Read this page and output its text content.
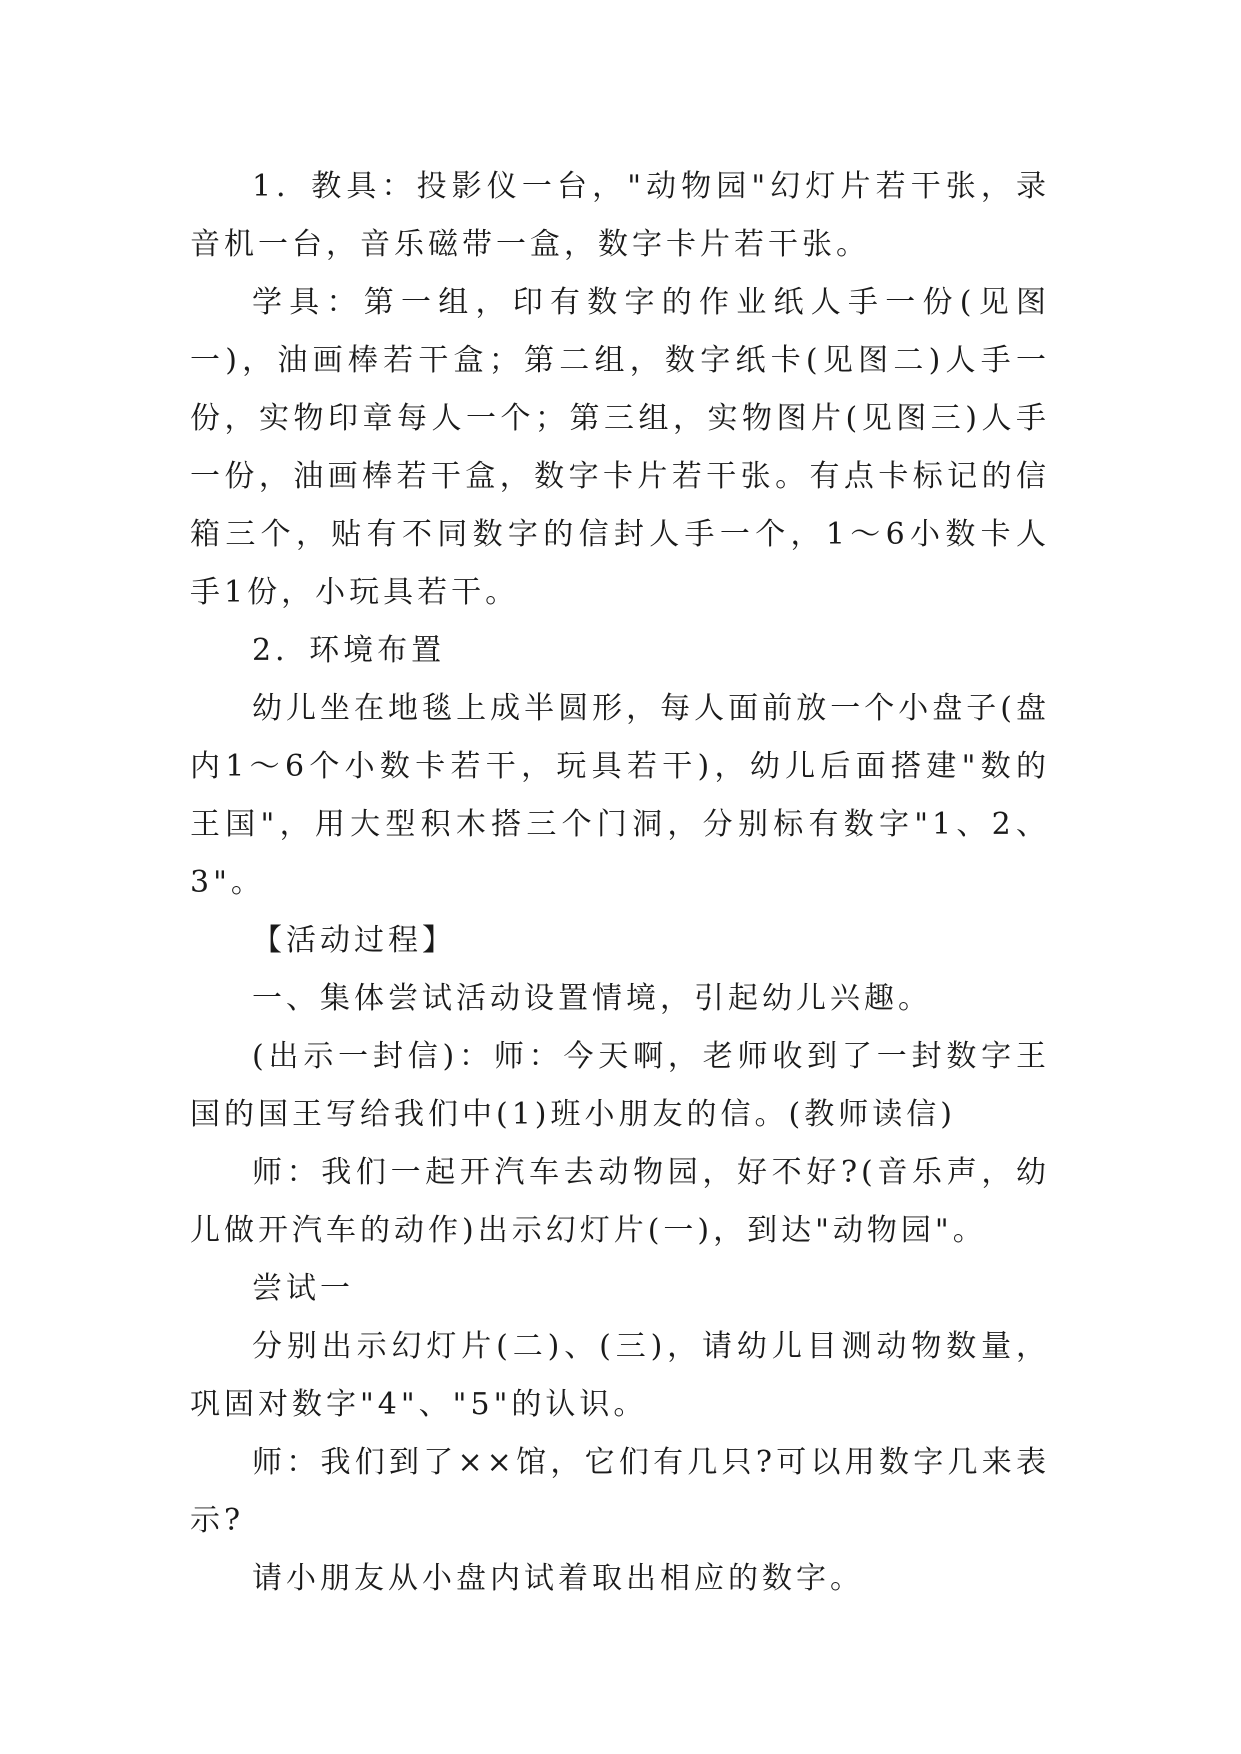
1．教具：投影仪一台，"动物园"幻灯片若干张，录音机一台，音乐磁带一盒，数字卡片若干张。

学具：第一组，印有数字的作业纸人手一份(见图一)，油画棒若干盒；第二组，数字纸卡(见图二)人手一份，实物印章每人一个；第三组，实物图片(见图三)人手一份，油画棒若干盒，数字卡片若干张。有点卡标记的信箱三个，贴有不同数字的信封人手一个，1～6小数卡人手1份，小玩具若干。

2．环境布置

幼儿坐在地毯上成半圆形，每人面前放一个小盘子(盘内1～6个小数卡若干，玩具若干)，幼儿后面搭建"数的王国"，用大型积木搭三个门洞，分别标有数字"1、2、3"。

【活动过程】

一、集体尝试活动设置情境，引起幼儿兴趣。

(出示一封信)：师：今天啊，老师收到了一封数字王国的国王写给我们中(1)班小朋友的信。(教师读信)

师：我们一起开汽车去动物园，好不好?(音乐声，幼儿做开汽车的动作)出示幻灯片(一)，到达"动物园"。

尝试一

分别出示幻灯片(二)、(三)，请幼儿目测动物数量，巩固对数字"4"、"5"的认识。

师：我们到了××馆，它们有几只?可以用数字几来表示?

请小朋友从小盘内试着取出相应的数字。
